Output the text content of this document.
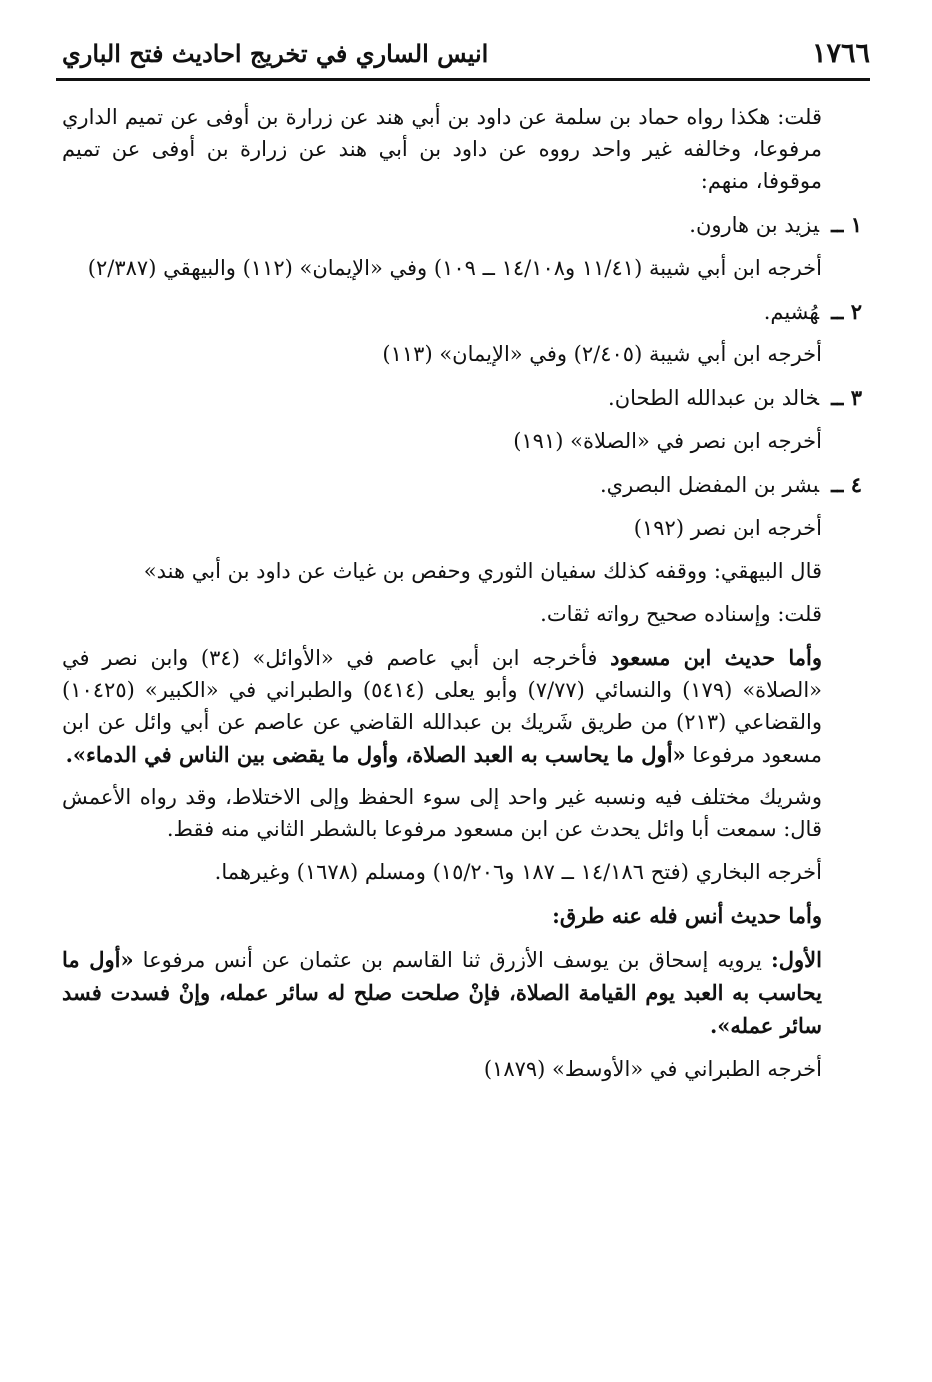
١٧٦٦
انيس الساري في تخريج احاديث فتح الباري

قلت: هكذا رواه حماد بن سلمة عن داود بن أبي هند عن زرارة بن أوفى عن تميم الداري مرفوعا، وخالفه غير واحد رووه عن داود بن أبي هند عن زرارة بن أوفى عن تميم موقوفا، منهم:

١ ــيزيد بن هارون.

أخرجه ابن أبي شيبة (١١/٤١ و١٤/١٠٨ ــ ١٠٩) وفي «الإيمان» (١١٢) والبيهقي (٢/٣٨٧)

٢ ــهُشيم.

أخرجه ابن أبي شيبة (٢/٤٠٥) وفي «الإيمان» (١١٣)

٣ ــخالد بن عبدالله الطحان.

أخرجه ابن نصر في «الصلاة» (١٩١)

٤ ــبشر بن المفضل البصري.

أخرجه ابن نصر (١٩٢)

قال البيهقي: ووقفه كذلك سفيان الثوري وحفص بن غياث عن داود بن أبي هند»

قلت: وإسناده صحيح رواته ثقات.

وأما حديث ابن مسعود فأخرجه ابن أبي عاصم في «الأوائل» (٣٤) وابن نصر في «الصلاة» (١٧٩) والنسائي (٧/٧٧) وأبو يعلى (٥٤١٤) والطبراني في «الكبير» (١٠٤٢٥) والقضاعي (٢١٣) من طريق شَريك بن عبدالله القاضي عن عاصم عن أبي وائل عن ابن مسعود مرفوعا «أول ما يحاسب به العبد الصلاة، وأول ما يقضى بين الناس في الدماء».

وشريك مختلف فيه ونسبه غير واحد إلى سوء الحفظ وإلى الاختلاط، وقد رواه الأعمش قال: سمعت أبا وائل يحدث عن ابن مسعود مرفوعا بالشطر الثاني منه فقط.

أخرجه البخاري (فتح ١٤/١٨٦ ــ ١٨٧ و١٥/٢٠٦) ومسلم (١٦٧٨) وغيرهما.

وأما حديث أنس فله عنه طرق:

الأول: يرويه إسحاق بن يوسف الأزرق ثنا القاسم بن عثمان عن أنس مرفوعا «أول ما يحاسب به العبد يوم القيامة الصلاة، فإنْ صلحت صلح له سائر عمله، وإنْ فسدت فسد سائر عمله».

أخرجه الطبراني في «الأوسط» (١٨٧٩)
